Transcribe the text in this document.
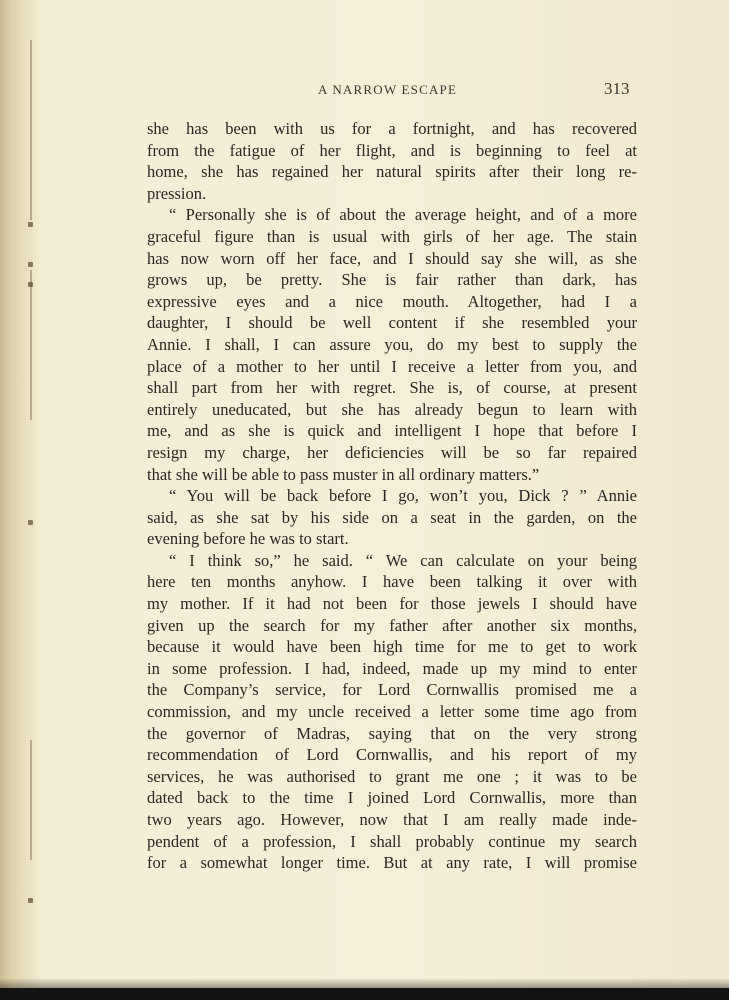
A NARROW ESCAPE	313
she has been with us for a fortnight, and has recovered
from the fatigue of her flight, and is beginning to feel at
home, she has regained her natural spirits after their long re-
pression.
“ Personally she is of about the average height, and of a more
graceful figure than is usual with girls of her age. The stain
has now worn off her face, and I should say she will, as she
grows up, be pretty. She is fair rather than dark, has
expressive eyes and a nice mouth. Altogether, had I a
daughter, I should be well content if she resembled your
Annie. I shall, I can assure you, do my best to supply the
place of a mother to her until I receive a letter from you, and
shall part from her with regret. She is, of course, at present
entirely uneducated, but she has already begun to learn with
me, and as she is quick and intelligent I hope that before I
resign my charge, her deficiencies will be so far repaired
that she will be able to pass muster in all ordinary matters.”
“ You will be back before I go, won’t you, Dick ? ” Annie
said, as she sat by his side on a seat in the garden, on the
evening before he was to start.
“ I think so,” he said. “ We can calculate on your being
here ten months anyhow. I have been talking it over with
my mother. If it had not been for those jewels I should have
given up the search for my father after another six months,
because it would have been high time for me to get to work
in some profession. I had, indeed, made up my mind to enter
the Company’s service, for Lord Cornwallis promised me a
commission, and my uncle received a letter some time ago from
the governor of Madras, saying that on the very strong
recommendation of Lord Cornwallis, and his report of my
services, he was authorised to grant me one ; it was to be
dated back to the time I joined Lord Cornwallis, more than
two years ago. However, now that I am really made inde-
pendent of a profession, I shall probably continue my search
for a somewhat longer time. But at any rate, I will promise
